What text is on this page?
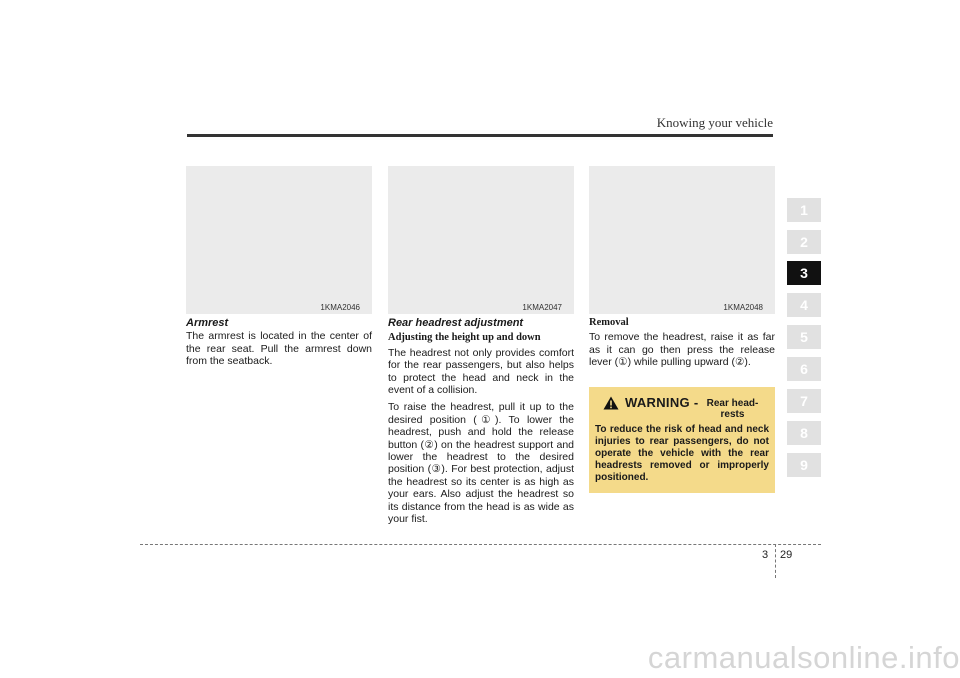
Knowing your vehicle
1KMA2046	1KMA2047	1KMA2048
Armrest

The armrest is located in the center of the rear seat. Pull the armrest down from the seatback.

Rear headrest adjustment
Adjusting the height up and down

The headrest not only provides comfort for the rear passengers, but also helps to protect the head and neck in the event of a collision.

To raise the headrest, pull it up to the desired position (①). To lower the headrest, push and hold the release button (②) on the headrest support and lower the headrest to the desired position (③). For best protection, adjust the headrest so its center is as high as your ears. Also adjust the headrest so its distance from the head is as wide as your fist.

Removal

To remove the headrest, raise it as far as it can go then press the release lever (①) while pulling upward (②).

WARNING - Rear head-rests
To reduce the risk of head and neck injuries to rear passengers, do not operate the vehicle with the rear headrests removed or improperly positioned.
1
2
3
4
5
6
7
8
9
3 29
carmanualsonline.info
